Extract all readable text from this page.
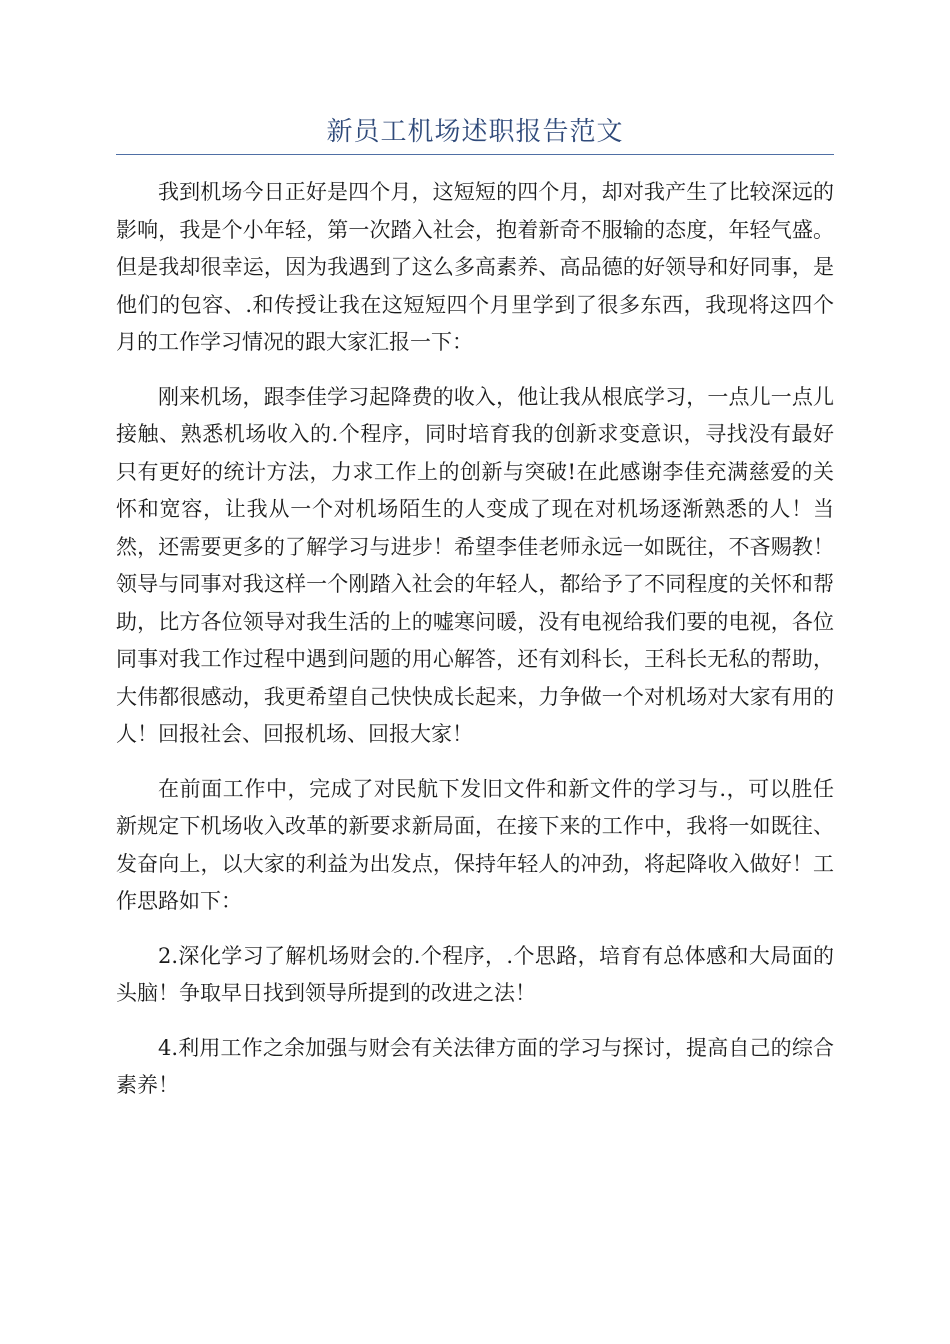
新员工机场述职报告范文

我到机场今日正好是四个月，这短短的四个月，却对我产生了比较深远的影响，我是个小年轻，第一次踏入社会，抱着新奇不服输的态度，年轻气盛。但是我却很幸运，因为我遇到了这么多高素养、高品德的好领导和好同事，是他们的包容、.和传授让我在这短短四个月里学到了很多东西，我现将这四个月的工作学习情况的跟大家汇报一下：

刚来机场，跟李佳学习起降费的收入，他让我从根底学习，一点儿一点儿接触、熟悉机场收入的.个程序，同时培育我的创新求变意识，寻找没有最好只有更好的统计方法，力求工作上的创新与突破!在此感谢李佳充满慈爱的关怀和宽容，让我从一个对机场陌生的人变成了现在对机场逐渐熟悉的人！当然，还需要更多的了解学习与进步！希望李佳老师永远一如既往，不吝赐教！领导与同事对我这样一个刚踏入社会的年轻人，都给予了不同程度的关怀和帮助，比方各位领导对我生活的上的嘘寒问暖，没有电视给我们要的电视，各位同事对我工作过程中遇到问题的用心解答，还有刘科长，王科长无私的帮助，大伟都很感动，我更希望自己快快成长起来，力争做一个对机场对大家有用的人！回报社会、回报机场、回报大家！

在前面工作中，完成了对民航下发旧文件和新文件的学习与.，可以胜任新规定下机场收入改革的新要求新局面，在接下来的工作中，我将一如既往、发奋向上，以大家的利益为出发点，保持年轻人的冲劲，将起降收入做好！工作思路如下：

2.深化学习了解机场财会的.个程序，.个思路，培育有总体感和大局面的头脑！争取早日找到领导所提到的改进之法！

4.利用工作之余加强与财会有关法律方面的学习与探讨，提高自己的综合素养！
